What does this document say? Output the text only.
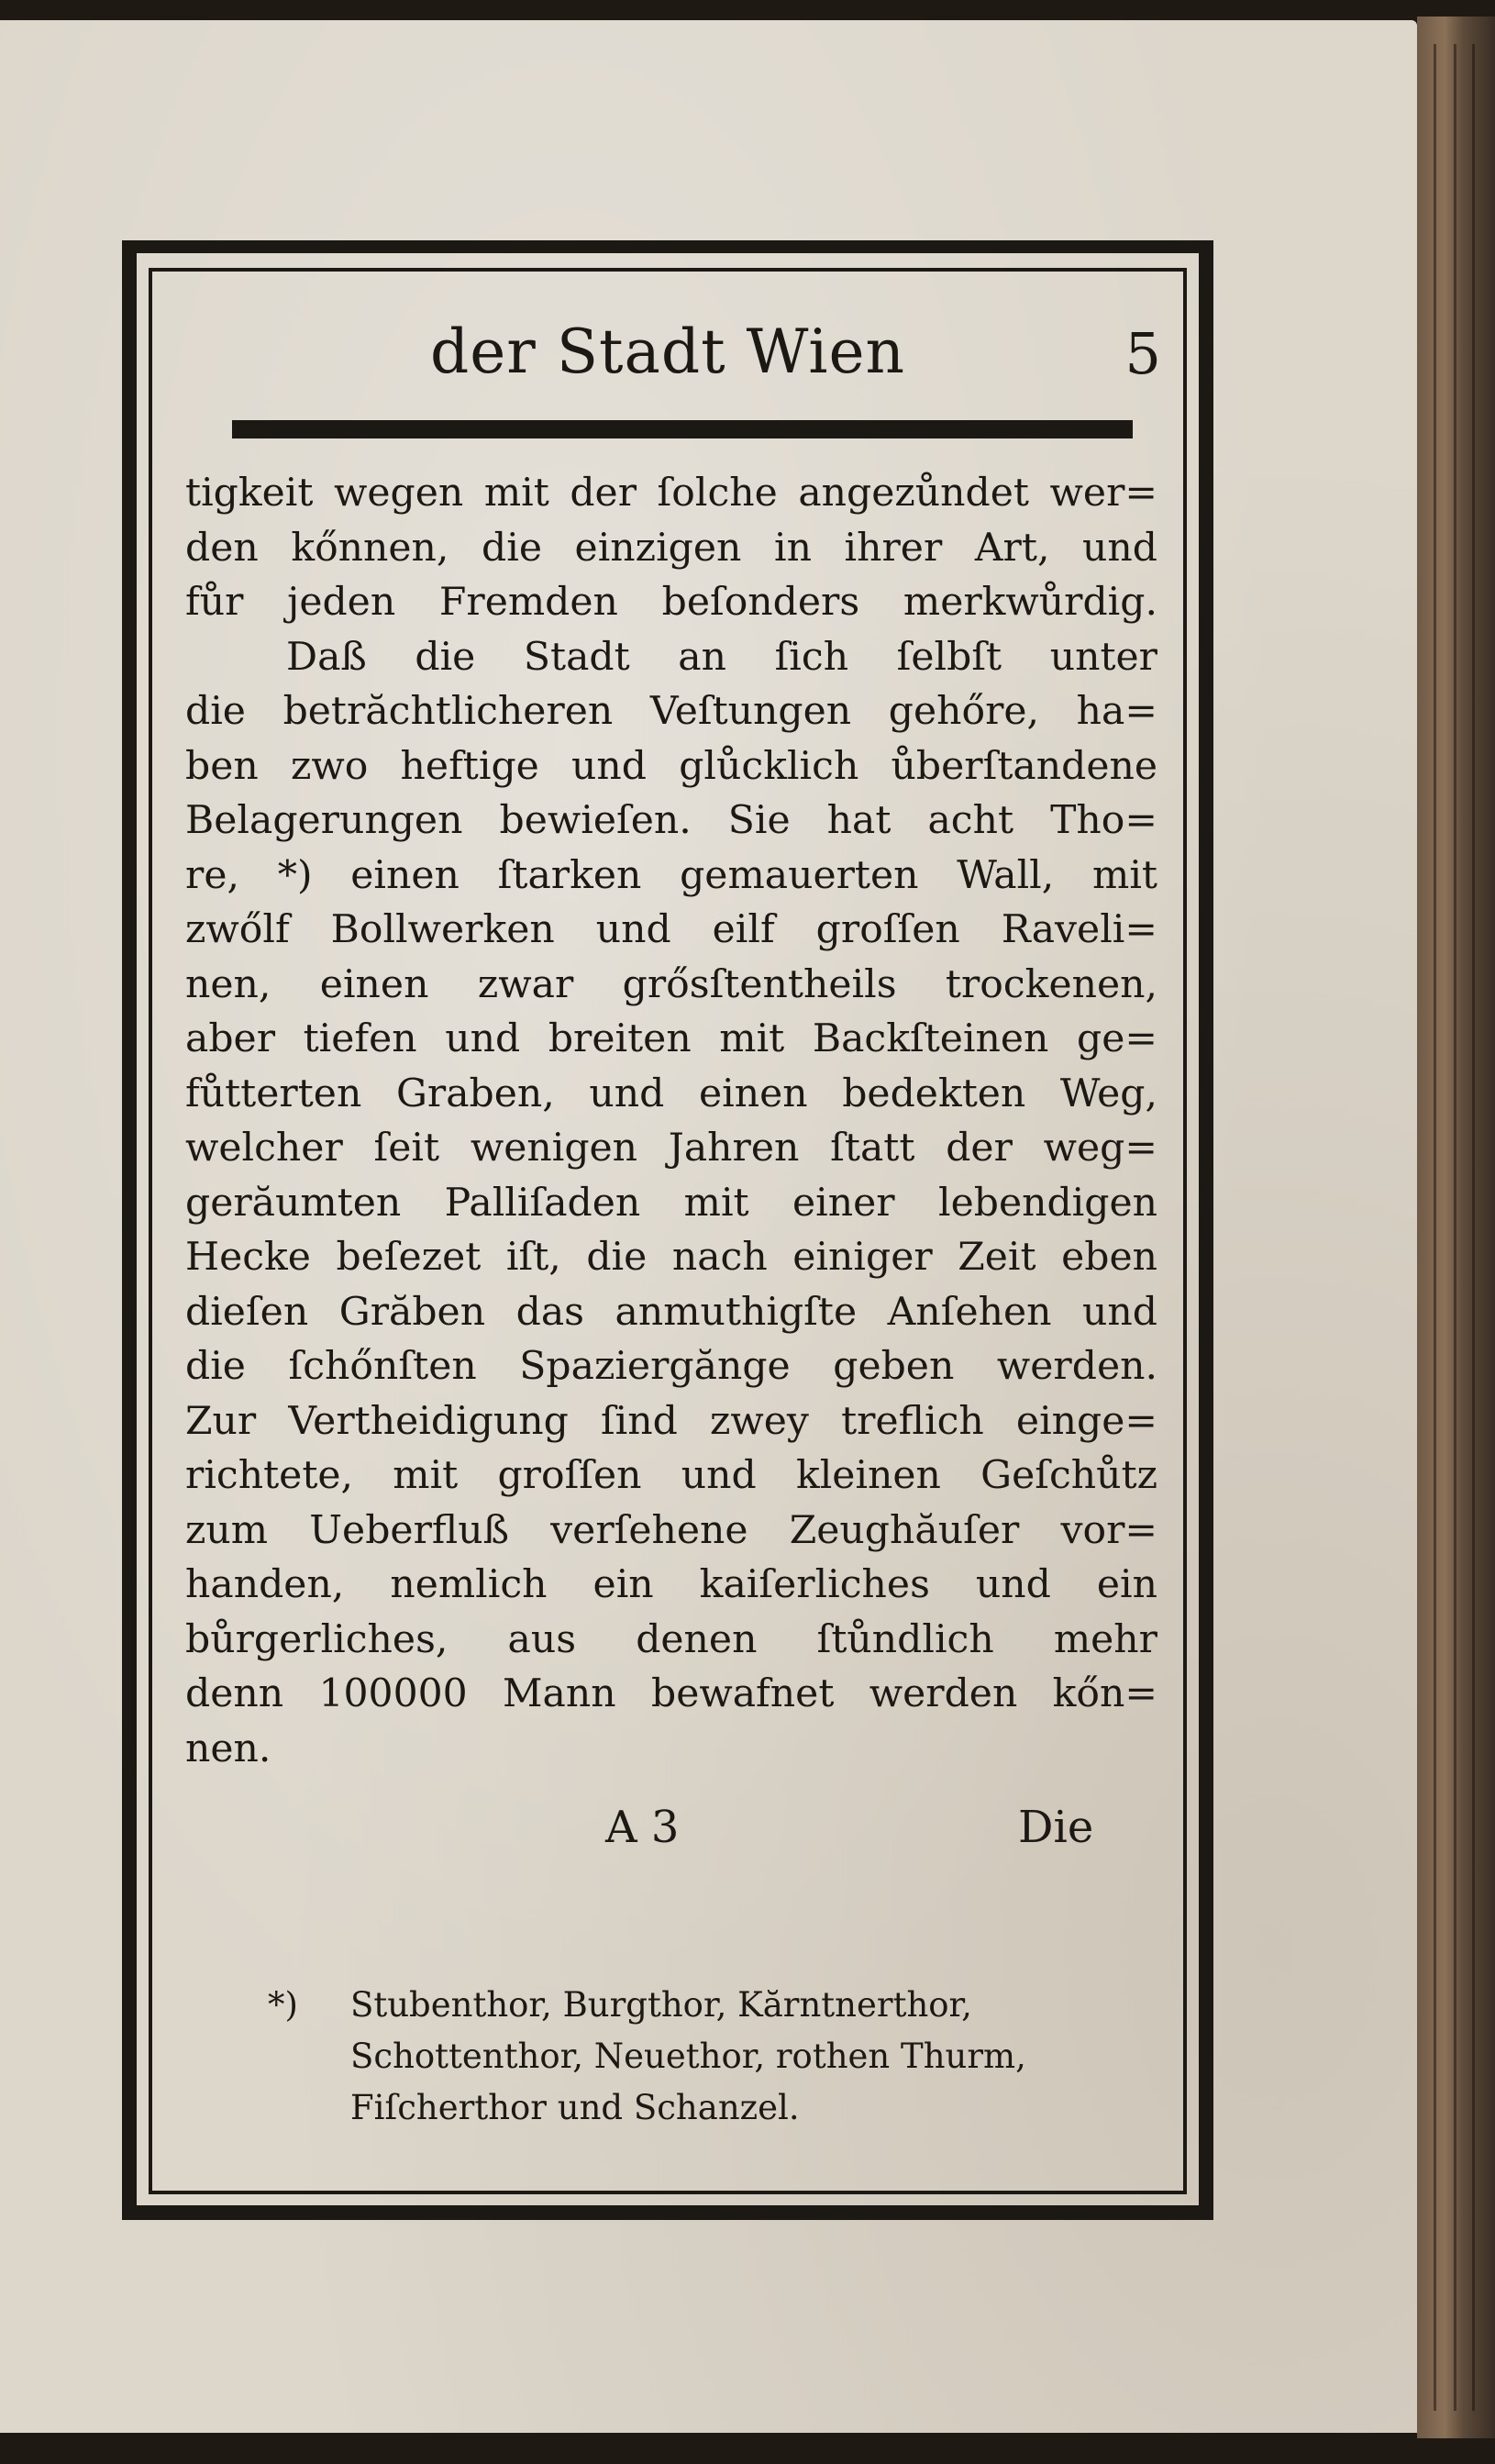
der Stadt Wien	5
tigkeit wegen mit der ſolche angezůndet wer=
den kőnnen, die einzigen in ihrer Art, und
fůr jeden Fremden beſonders merkwůrdig.
Daß die Stadt an ſich ſelbſt unter
die betrăchtlicheren Veſtungen gehőre, ha=
ben zwo heftige und glůcklich ůberſtandene
Belagerungen bewieſen. Sie hat acht Tho=
re, *) einen ſtarken gemauerten Wall, mit
zwőlf Bollwerken und eilf groſſen Raveli=
nen, einen zwar grősſtentheils trockenen,
aber tiefen und breiten mit Backſteinen ge=
fůtterten Graben, und einen bedekten Weg,
welcher ſeit wenigen Jahren ſtatt der weg=
gerăumten Palliſaden mit einer lebendigen
Hecke beſezet iſt, die nach einiger Zeit eben
dieſen Grăben das anmuthigſte Anſehen und
die ſchőnſten Spaziergănge geben werden.
Zur Vertheidigung ſind zwey treflich einge=
richtete, mit groſſen und kleinen Geſchůtz
zum Ueberfluß verſehene Zeughăuſer vor=
handen, nemlich ein kaiſerliches und ein
bůrgerliches, aus denen ſtůndlich mehr
denn 100000 Mann bewafnet werden kőn=
nen.
A 3	Die
*) Stubenthor, Burgthor, Kărntnerthor,
Schottenthor, Neuethor, rothen Thurm,
Fiſcherthor und Schanzel.
